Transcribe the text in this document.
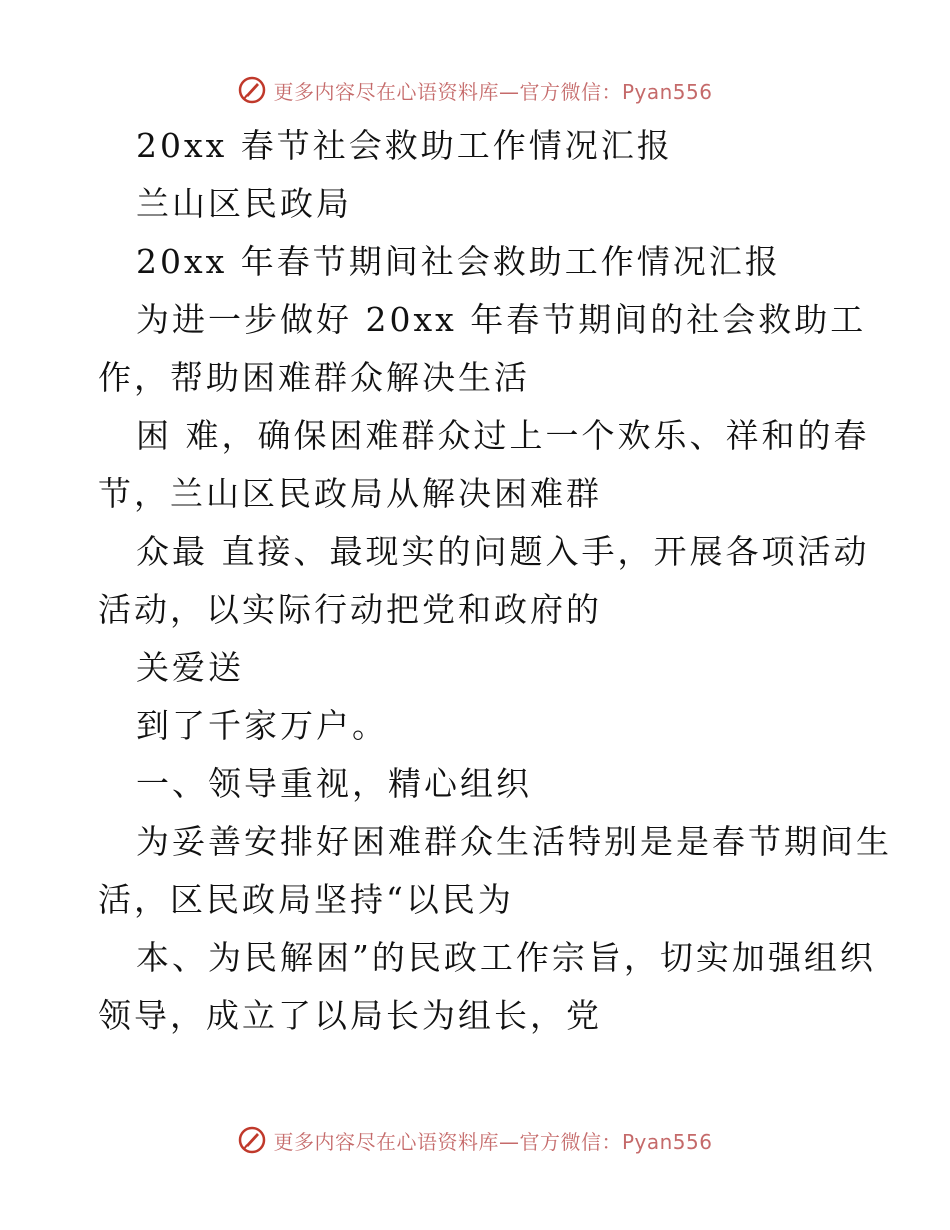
更多内容尽在心语资料库—官方微信：Pyan556
20xx 春节社会救助工作情况汇报
兰山区民政局
20xx 年春节期间社会救助工作情况汇报
为进一步做好 20xx 年春节期间的社会救助工
作，帮助困难群众解决生活
困 难，确保困难群众过上一个欢乐、祥和的春
节，兰山区民政局从解决困难群
众最 直接、最现实的问题入手，开展各项活动
活动，以实际行动把党和政府的
关爱送
到了千家万户。
一、领导重视，精心组织
为妥善安排好困难群众生活特别是是春节期间生
活，区民政局坚持“以民为
本、为民解困”的民政工作宗旨，切实加强组织
领导，成立了以局长为组长，党
更多内容尽在心语资料库—官方微信：Pyan556
